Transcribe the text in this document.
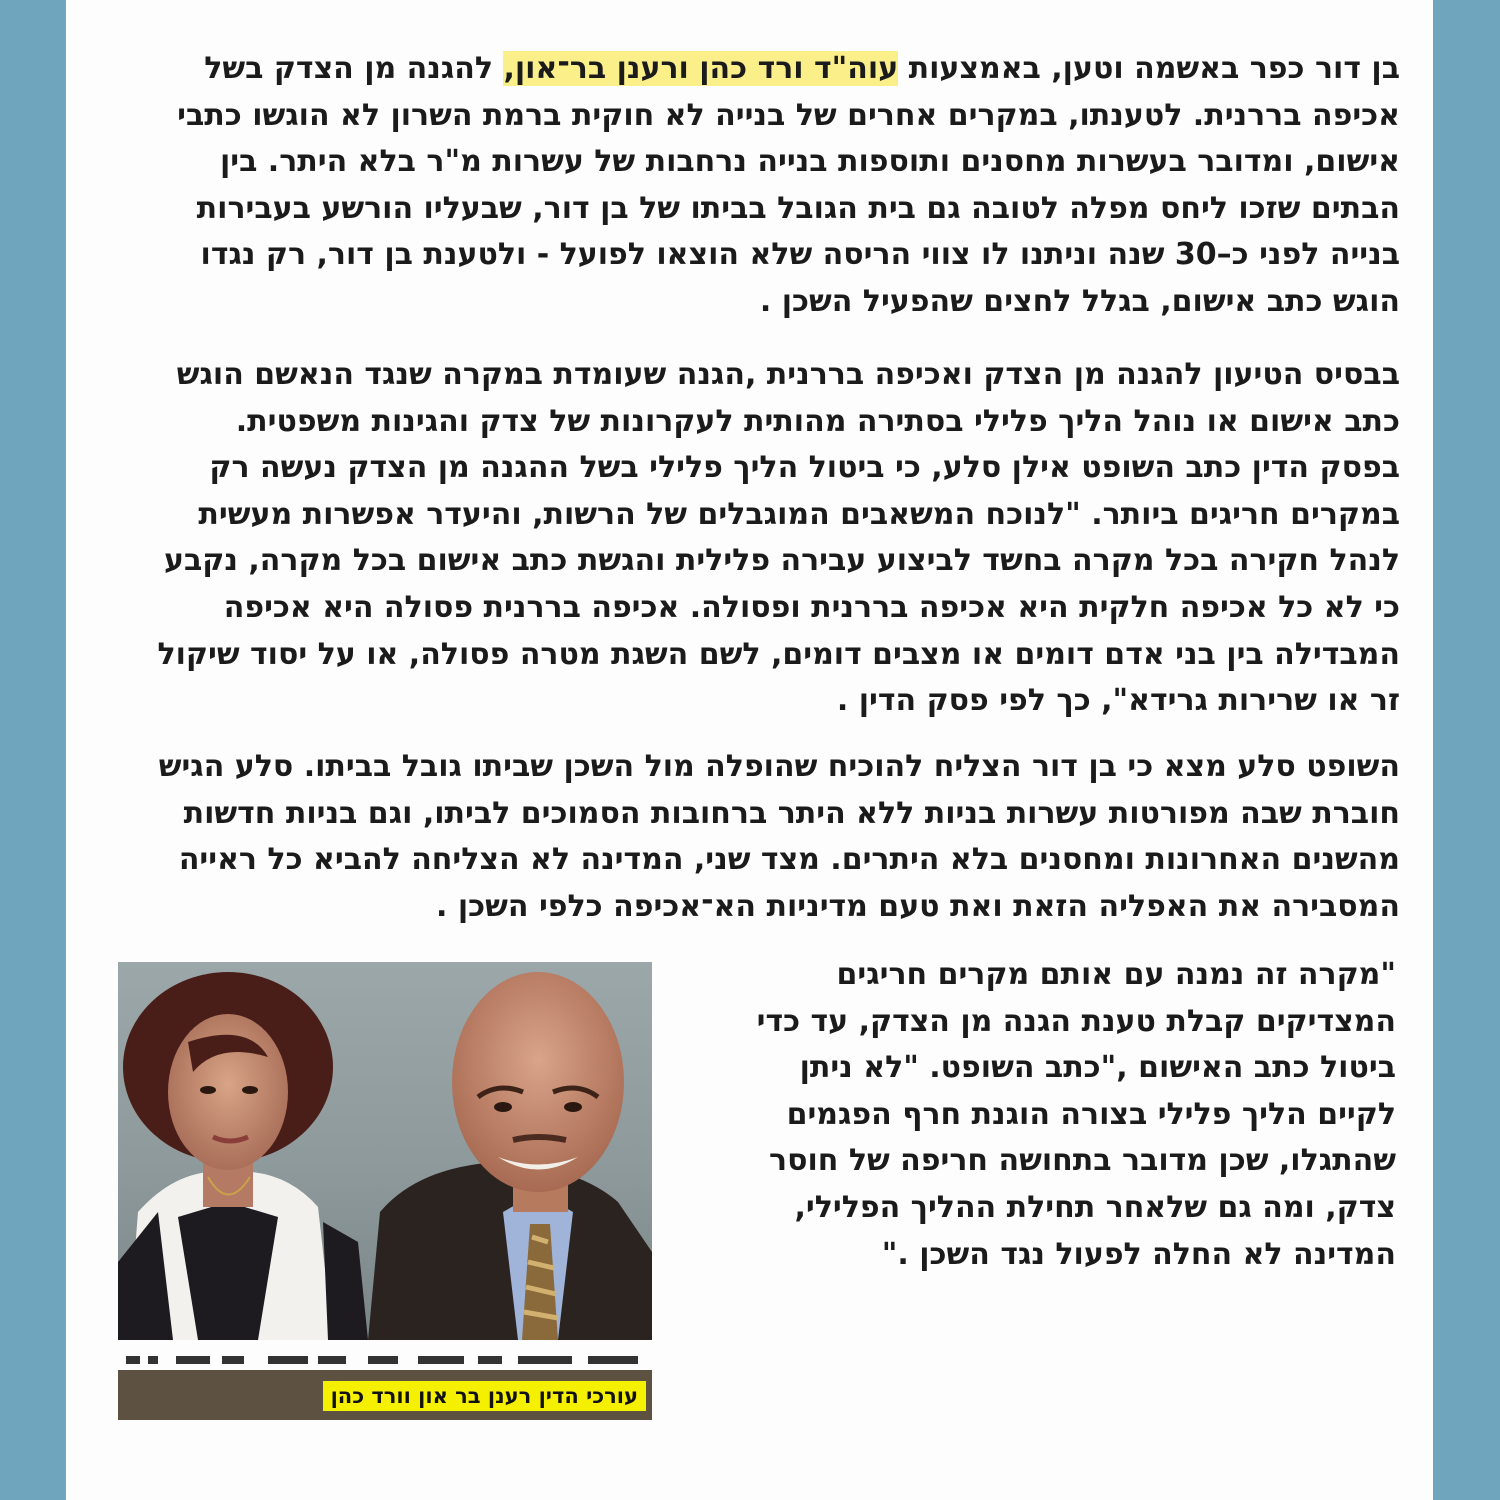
בן דור כפר באשמה וטען, באמצעות עוה"ד ורד כהן ורענן בר־און, להגנה מן הצדק בשל
אכיפה בררנית. לטענתו, במקרים אחרים של בנייה לא חוקית ברמת השרון לא הוגשו כתבי
אישום, ומדובר בעשרות מחסנים ותוספות בנייה נרחבות של עשרות מ"ר בלא היתר. בין
הבתים שזכו ליחס מפלה לטובה גם בית הגובל בביתו של בן דור, שבעליו הורשע בעבירות
בנייה לפני כ–30 שנה וניתנו לו צווי הריסה שלא הוצאו לפועל - ולטענת בן דור, רק נגדו
הוגש כתב אישום, בגלל לחצים שהפעיל השכן .
בבסיס הטיעון להגנה מן הצדק ואכיפה בררנית ,הגנה שעומדת במקרה שנגד הנאשם הוגש
כתב אישום או נוהל הליך פלילי בסתירה מהותית לעקרונות של צדק והגינות משפטית.
בפסק הדין כתב השופט אילן סלע, כי ביטול הליך פלילי בשל ההגנה מן הצדק נעשה רק
במקרים חריגים ביותר. "לנוכח המשאבים המוגבלים של הרשות, והיעדר אפשרות מעשית
לנהל חקירה בכל מקרה בחשד לביצוע עבירה פלילית והגשת כתב אישום בכל מקרה, נקבע
כי לא כל אכיפה חלקית היא אכיפה בררנית ופסולה. אכיפה בררנית פסולה היא אכיפה
המבדילה בין בני אדם דומים או מצבים דומים, לשם השגת מטרה פסולה, או על יסוד שיקול
זר או שרירות גרידא", כך לפי פסק הדין .
השופט סלע מצא כי בן דור הצליח להוכיח שהופלה מול השכן שביתו גובל בביתו. סלע הגיש
חוברת שבה מפורטות עשרות בניות ללא היתר ברחובות הסמוכים לביתו, וגם בניות חדשות
מהשנים האחרונות ומחסנים בלא היתרים. מצד שני, המדינה לא הצליחה להביא כל ראייה
המסבירה את האפליה הזאת ואת טעם מדיניות הא־אכיפה כלפי השכן .
"מקרה זה נמנה עם אותם מקרים חריגים
המצדיקים קבלת טענת הגנה מן הצדק, עד כדי
ביטול כתב האישום ,"כתב השופט. "לא ניתן
לקיים הליך פלילי בצורה הוגנת חרף הפגמים
שהתגלו, שכן מדובר בתחושה חריפה של חוסר
צדק, ומה גם שלאחר תחילת ההליך הפלילי,
המדינה לא החלה לפעול נגד השכן ."
עורכי הדין רענן בר און וורד כהן
